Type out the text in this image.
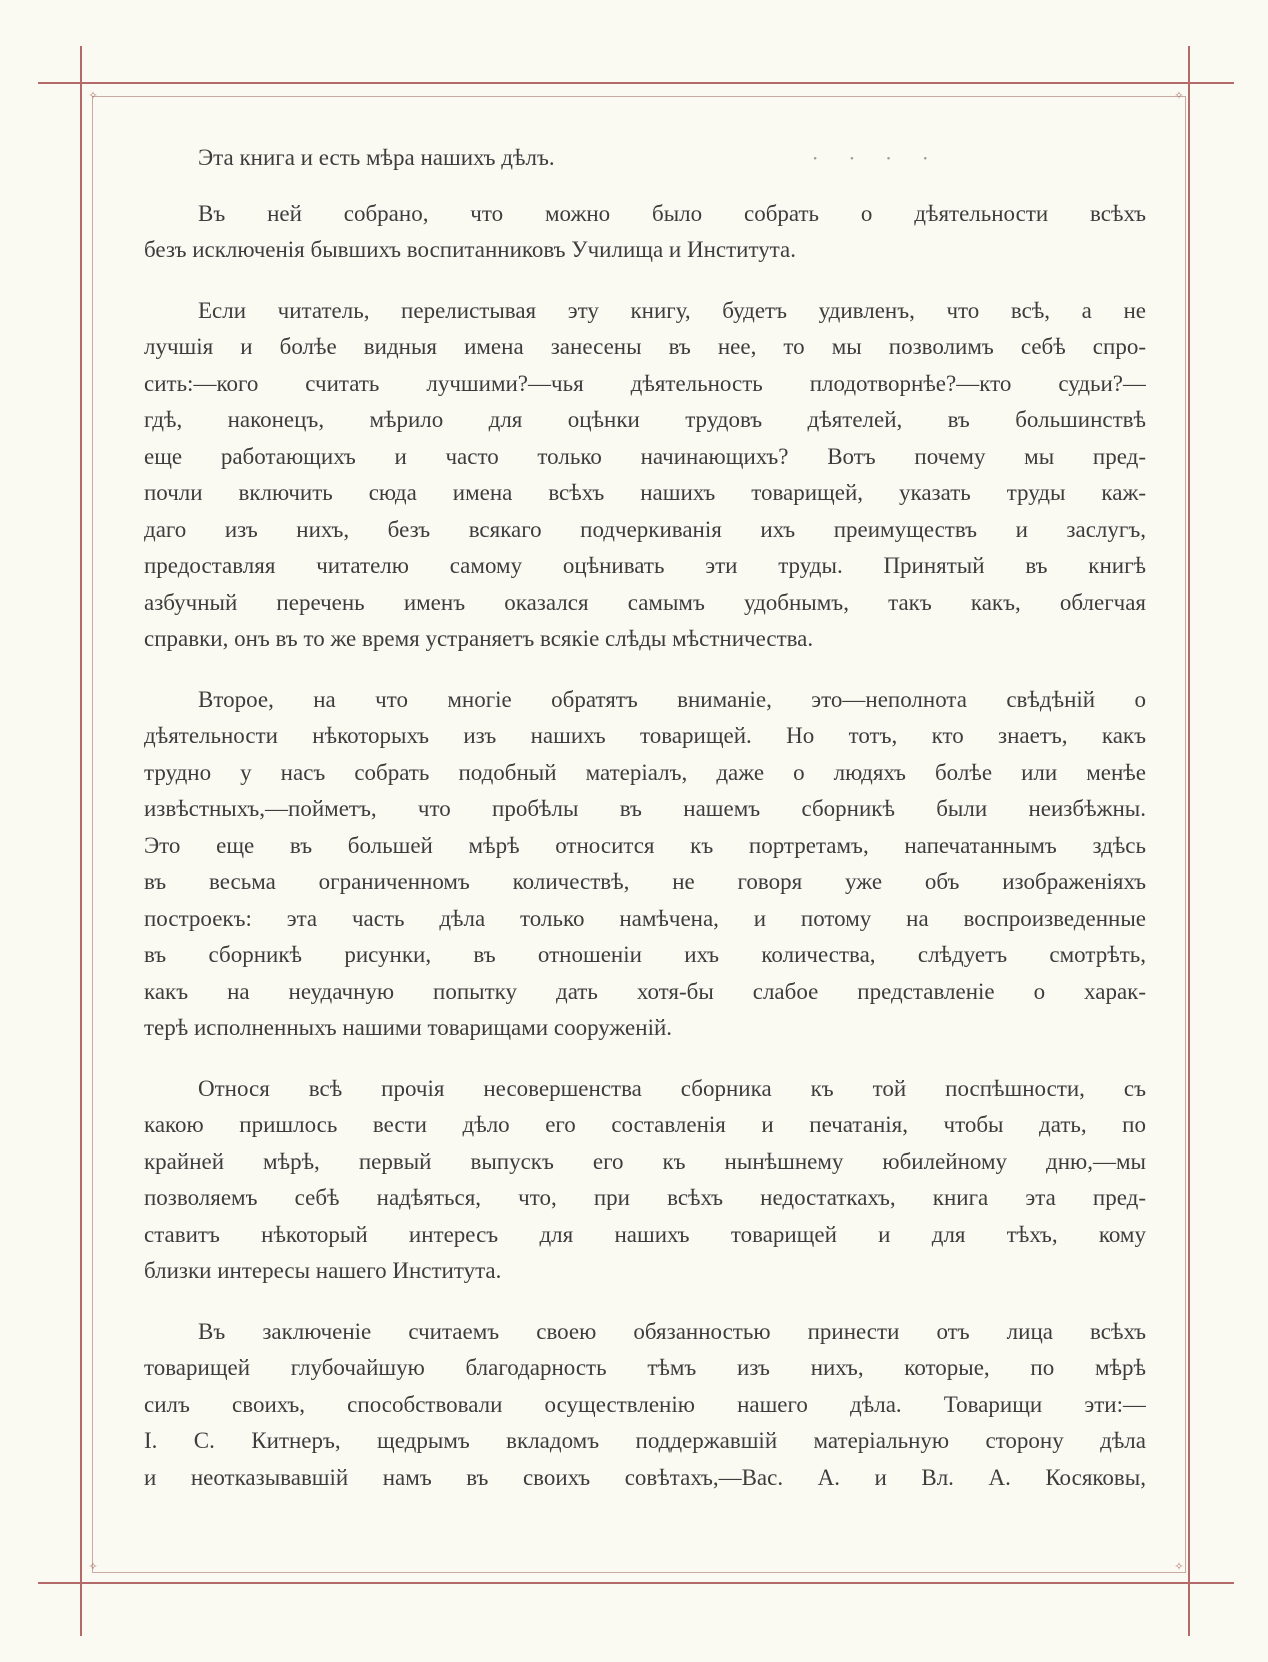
✧	✧
✧	✧
· · · ·

Эта книга и есть мѣра нашихъ дѣлъ.

Въ ней собрано, что можно было собрать о дѣятельности всѣхъ
безъ исключенія бывшихъ воспитанниковъ Училища и Института.

Если читатель, перелистывая эту книгу, будетъ удивленъ, что всѣ, а не
лучшія и болѣе видныя имена занесены въ нее, то мы позволимъ себѣ спро-
сить:—кого считать лучшими?—чья дѣятельность плодотворнѣе?—кто судьи?—
гдѣ, наконецъ, мѣрило для оцѣнки трудовъ дѣятелей, въ большинствѣ
еще работающихъ и часто только начинающихъ? Вотъ почему мы пред-
почли включить сюда имена всѣхъ нашихъ товарищей, указать труды каж-
даго изъ нихъ, безъ всякаго подчеркиванія ихъ преимуществъ и заслугъ,
предоставляя читателю самому оцѣнивать эти труды. Принятый въ книгѣ
азбучный перечень именъ оказался самымъ удобнымъ, такъ какъ, облегчая
справки, онъ въ то же время устраняетъ всякіе слѣды мѣстничества.

Второе, на что многіе обратятъ вниманіе, это—неполнота свѣдѣній о
дѣятельности нѣкоторыхъ изъ нашихъ товарищей. Но тотъ, кто знаетъ, какъ
трудно у насъ собрать подобный матеріалъ, даже о людяхъ болѣе или менѣе
извѣстныхъ,—пойметъ, что пробѣлы въ нашемъ сборникѣ были неизбѣжны.
Это еще въ большей мѣрѣ относится къ портретамъ, напечатаннымъ здѣсь
въ весьма ограниченномъ количествѣ, не говоря уже объ изображеніяхъ
построекъ: эта часть дѣла только намѣчена, и потому на воспроизведенные
въ сборникѣ рисунки, въ отношеніи ихъ количества, слѣдуетъ смотрѣть,
какъ на неудачную попытку дать хотя-бы слабое представленіе о харак-
терѣ исполненныхъ нашими товарищами сооруженій.

Относя всѣ прочія несовершенства сборника къ той поспѣшности, съ
какою пришлось вести дѣло его составленія и печатанія, чтобы дать, по
крайней мѣрѣ, первый выпускъ его къ нынѣшнему юбилейному дню,—мы
позволяемъ себѣ надѣяться, что, при всѣхъ недостаткахъ, книга эта пред-
ставитъ нѣкоторый интересъ для нашихъ товарищей и для тѣхъ, кому
близки интересы нашего Института.

Въ заключеніе считаемъ своею обязанностью принести отъ лица всѣхъ
товарищей глубочайшую благодарность тѣмъ изъ нихъ, которые, по мѣрѣ
силъ своихъ, способствовали осуществленію нашего дѣла. Товарищи эти:—
I. С. Китнеръ, щедрымъ вкладомъ поддержавшій матеріальную сторону дѣла
и неотказывавшій намъ въ своихъ совѣтахъ,—Вас. А. и Вл. А. Косяковы,
